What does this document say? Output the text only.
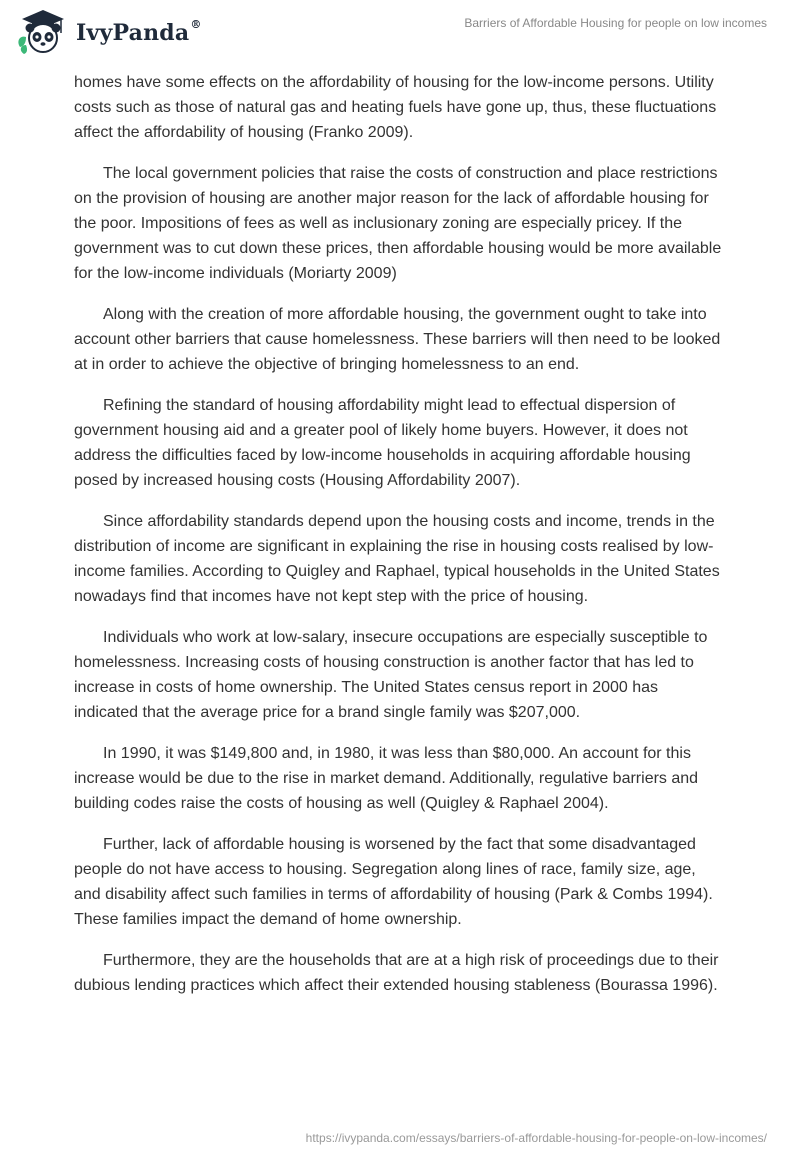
IvyPanda®	Barriers of Affordable Housing for people on low incomes

homes have some effects on the affordability of housing for the low-income persons. Utility costs such as those of natural gas and heating fuels have gone up, thus, these fluctuations affect the affordability of housing (Franko 2009).

The local government policies that raise the costs of construction and place restrictions on the provision of housing are another major reason for the lack of affordable housing for the poor. Impositions of fees as well as inclusionary zoning are especially pricey. If the government was to cut down these prices, then affordable housing would be more available for the low-income individuals (Moriarty 2009)

Along with the creation of more affordable housing, the government ought to take into account other barriers that cause homelessness. These barriers will then need to be looked at in order to achieve the objective of bringing homelessness to an end.

Refining the standard of housing affordability might lead to effectual dispersion of government housing aid and a greater pool of likely home buyers. However, it does not address the difficulties faced by low-income households in acquiring affordable housing posed by increased housing costs (Housing Affordability 2007).

Since affordability standards depend upon the housing costs and income, trends in the distribution of income are significant in explaining the rise in housing costs realised by low-income families. According to Quigley and Raphael, typical households in the United States nowadays find that incomes have not kept step with the price of housing.

Individuals who work at low-salary, insecure occupations are especially susceptible to homelessness. Increasing costs of housing construction is another factor that has led to increase in costs of home ownership. The United States census report in 2000 has indicated that the average price for a brand single family was $207,000.

In 1990, it was $149,800 and, in 1980, it was less than $80,000. An account for this increase would be due to the rise in market demand. Additionally, regulative barriers and building codes raise the costs of housing as well (Quigley & Raphael 2004).

Further, lack of affordable housing is worsened by the fact that some disadvantaged people do not have access to housing. Segregation along lines of race, family size, age, and disability affect such families in terms of affordability of housing (Park & Combs 1994). These families impact the demand of home ownership.

Furthermore, they are the households that are at a high risk of proceedings due to their dubious lending practices which affect their extended housing stableness (Bourassa 1996).

https://ivypanda.com/essays/barriers-of-affordable-housing-for-people-on-low-incomes/
